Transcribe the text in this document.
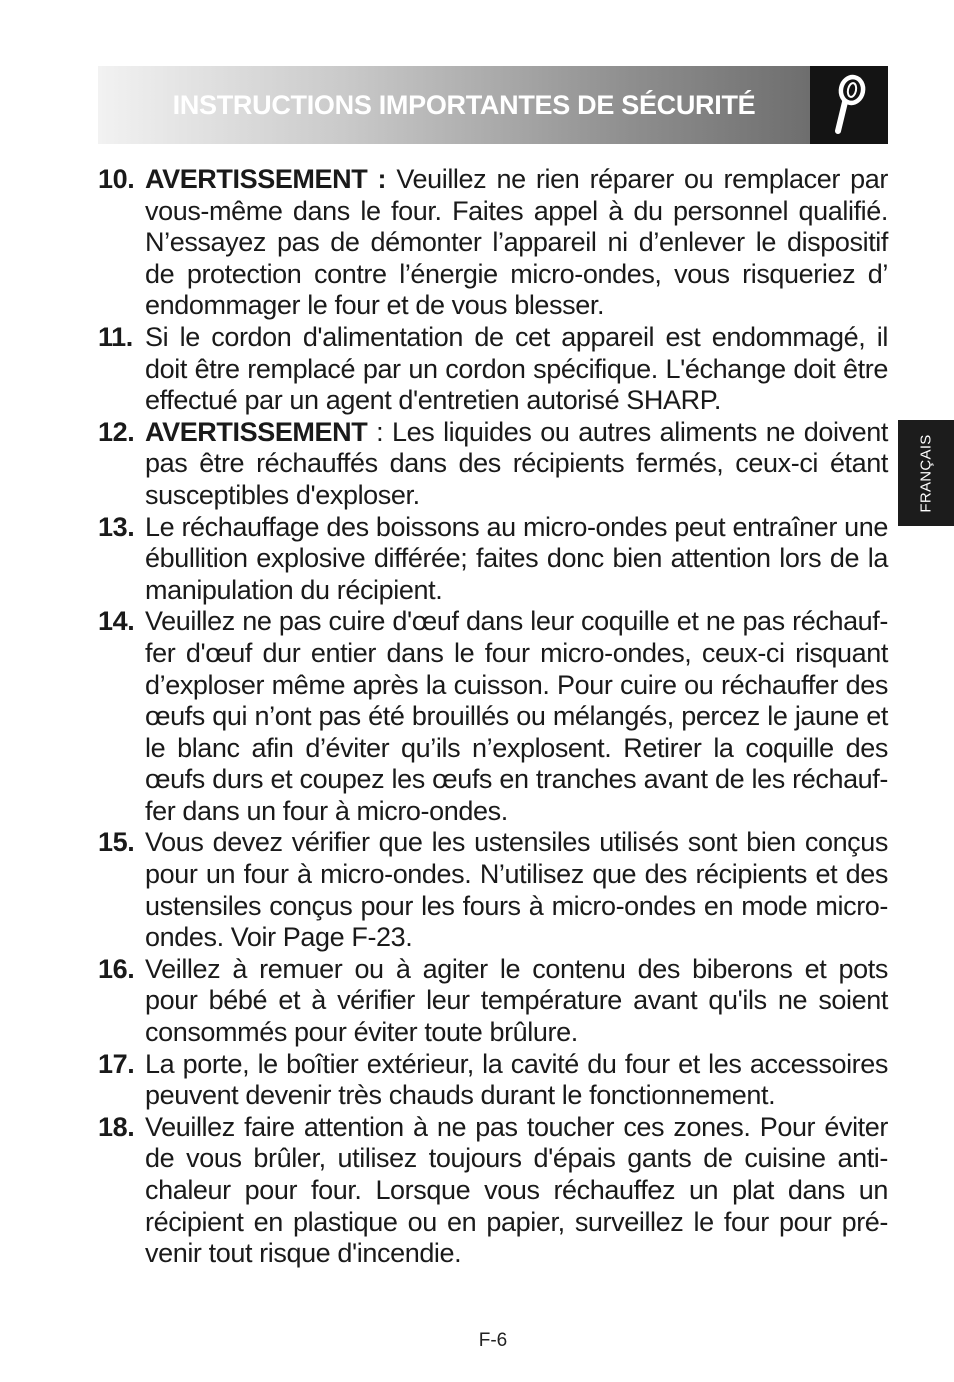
INSTRUCTIONS IMPORTANTES DE SÉCURITÉ
FRANÇAIS
10. AVERTISSEMENT : Veuillez ne rien réparer ou remplacer par vous-même dans le four. Faites appel à du personnel qualifié. N’essayez pas de démonter l’appareil ni d’enlever le dispositif de protection contre l’énergie micro-ondes, vous risqueriez d’ endommager le four et de vous blesser.
11. Si le cordon d'alimentation de cet appareil est endommagé, il doit être remplacé par un cordon spécifique. L'échange doit être effectué par un agent d'entretien autorisé SHARP.
12. AVERTISSEMENT : Les liquides ou autres aliments ne doivent pas être réchauffés dans des récipients fermés, ceux-ci étant susceptibles d'exploser.
13. Le réchauffage des boissons au micro-ondes peut entraîner une ébullition explosive différée; faites donc bien attention lors de la manipulation du récipient.
14. Veuillez ne pas cuire d'œuf dans leur coquille et ne pas réchauf-fer d'œuf dur entier dans le four micro-ondes, ceux-ci risquant d’exploser même après la cuisson. Pour cuire ou réchauffer des œufs qui n’ont pas été brouillés ou mélangés, percez le jaune et le blanc afin d’éviter qu’ils n’explosent. Retirer la coquille des œufs durs et coupez les œufs en tranches avant de les réchauf-fer dans un four à micro-ondes.
15. Vous devez vérifier que les ustensiles utilisés sont bien conçus pour un four à micro-ondes. N’utilisez que des récipients et des ustensiles conçus pour les fours à micro-ondes en mode micro-ondes. Voir Page F-23.
16. Veillez à remuer ou à agiter le contenu des biberons et pots pour bébé et à vérifier leur température avant qu'ils ne soient consommés pour éviter toute brûlure.
17. La porte, le boîtier extérieur, la cavité du four et les accessoires peuvent devenir très chauds durant le fonctionnement.
18. Veuillez faire attention à ne pas toucher ces zones. Pour éviter de vous brûler, utilisez toujours d'épais gants de cuisine anti-chaleur pour four. Lorsque vous réchauffez un plat dans un récipient en plastique ou en papier, surveillez le four pour pré-venir tout risque d'incendie.
F-6
